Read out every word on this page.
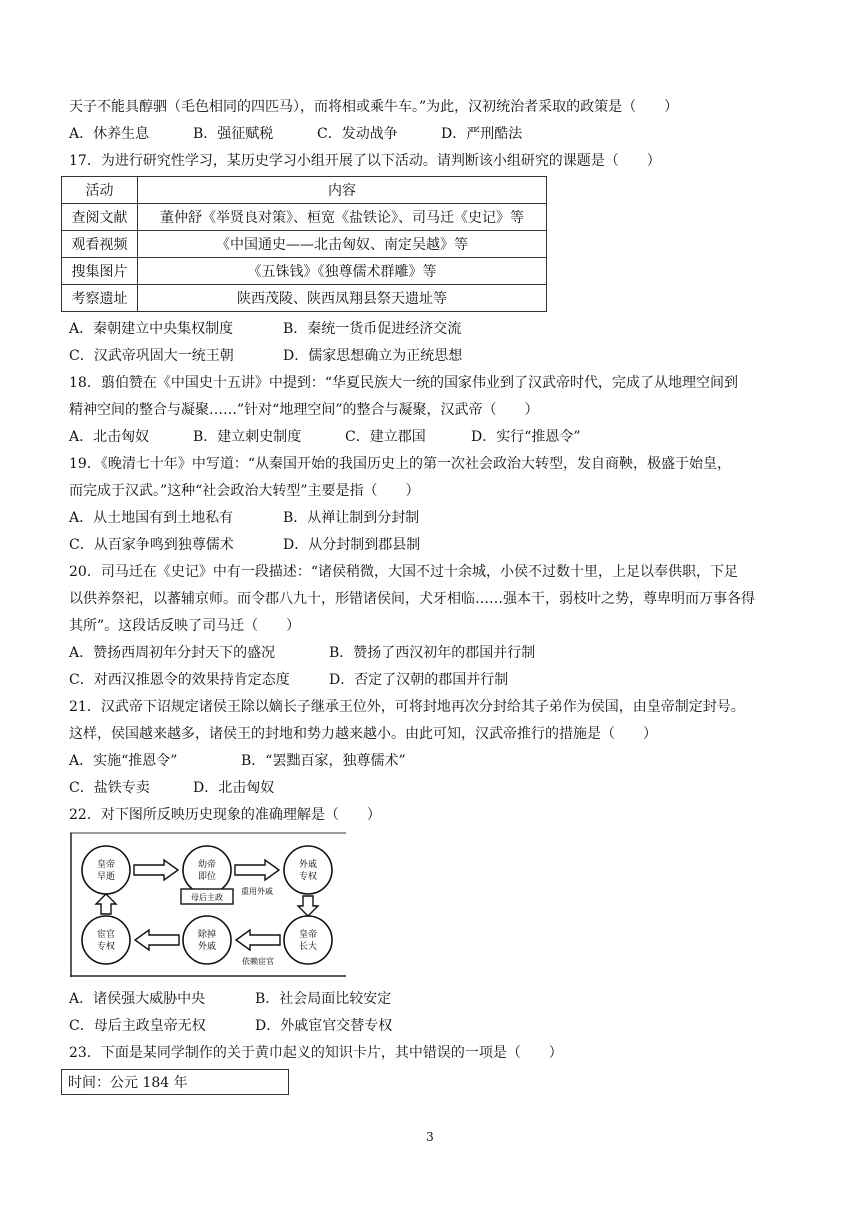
天子不能具醇驷（毛色相同的四匹马），而将相或乘牛车。”为此，汉初统治者采取的政策是（　　）
A．休养生息	B．强征赋税	C．发动战争	D．严刑酷法
17．为进行研究性学习，某历史学习小组开展了以下活动。请判断该小组研究的课题是（　　）
活动	内容
查阅文献	董仲舒《举贤良对策》、桓宽《盐铁论》、司马迁《史记》等
观看视频	《中国通史——北击匈奴、南定吴越》等
搜集图片	《五铢钱》《独尊儒术群雕》等
考察遗址	陕西茂陵、陕西凤翔县祭天遗址等
A．秦朝建立中央集权制度	B．秦统一货币促进经济交流
C．汉武帝巩固大一统王朝	D．儒家思想确立为正统思想
18．翦伯赞在《中国史十五讲》中提到：“华夏民族大一统的国家伟业到了汉武帝时代，完成了从地理空间到
精神空间的整合与凝聚……”针对“地理空间”的整合与凝聚，汉武帝（　　）
A．北击匈奴	B．建立刺史制度	C．建立郡国	D．实行“推恩令”
19．《晚清七十年》中写道：“从秦国开始的我国历史上的第一次社会政治大转型，发自商鞅，极盛于始皇，
而完成于汉武。”这种“社会政治大转型”主要是指（　　）
A．从土地国有到土地私有	B．从禅让制到分封制
C．从百家争鸣到独尊儒术	D．从分封制到郡县制
20．司马迁在《史记》中有一段描述：“诸侯稍微，大国不过十余城，小侯不过数十里，上足以奉供职，下足
以供养祭祀，以蕃辅京师。而令郡八九十，形错诸侯间，犬牙相临……强本干，弱枝叶之势，尊卑明而万事各得
其所”。这段话反映了司马迁（　　）
A．赞扬西周初年分封天下的盛况	B．赞扬了西汉初年的郡国并行制
C．对西汉推恩令的效果持肯定态度	D．否定了汉朝的郡国并行制
21．汉武帝下诏规定诸侯王除以嫡长子继承王位外，可将封地再次分封给其子弟作为侯国，由皇帝制定封号。
这样，侯国越来越多，诸侯王的封地和势力越来越小。由此可知，汉武帝推行的措施是（　　）
A．实施“推恩令”	B．“罢黜百家，独尊儒术”
C．盐铁专卖	D．北击匈奴
22．对下图所反映历史现象的准确理解是（　　）
皇帝
早逝
幼帝
即位
外戚
专权
宦官
专权
除掉
外戚
皇帝
长大
母后主政
重用外戚
依赖宦官
A．诸侯强大威胁中央	B．社会局面比较安定
C．母后主政皇帝无权	D．外戚宦官交替专权
23．下面是某同学制作的关于黄巾起义的知识卡片，其中错误的一项是（　　）
时间：公元 184 年
3
